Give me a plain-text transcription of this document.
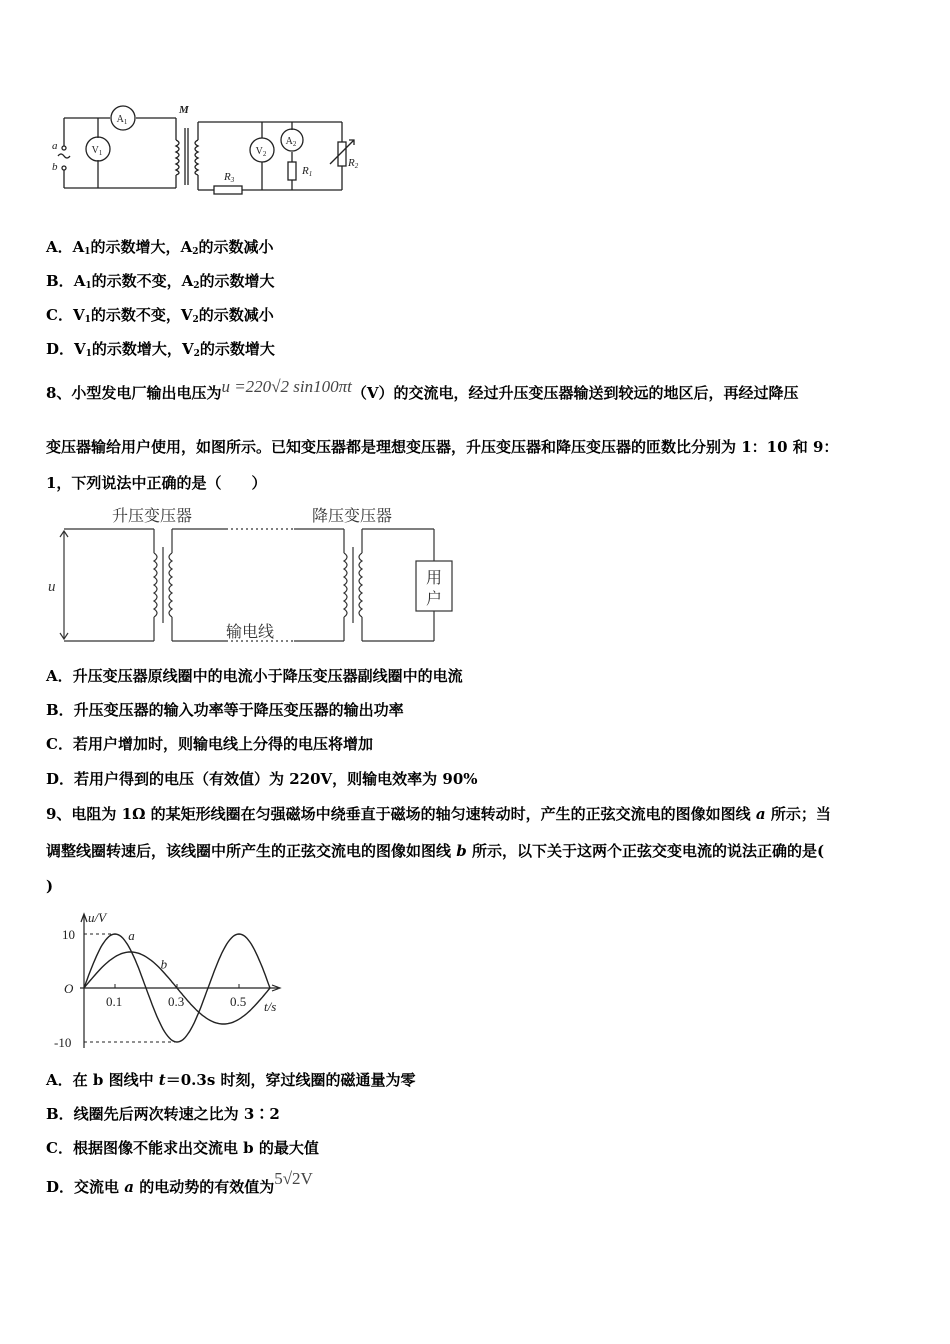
a
b
M
R3
R1
R2
$A_1$
$V_1$	$V_2$
$A_2$
A．$A_1$的示数增大，$A_2$的示数减小
B．$A_1$的示数不变，$A_2$的示数增大
C．$V_1$的示数不变，$V_2$的示数减小
D．$V_1$的示数增大，$V_2$的示数增大
8、小型发电厂输出电压为u =220√2 sin100πt（V）的交流电，经过升压变压器输送到较远的地区后，再经过降压
变压器输给用户使用，如图所示。已知变压器都是理想变压器，升压变压器和降压变压器的匝数比分别为 1：10 和 9：
1，下列说法中正确的是（　　）
升压变压器	降压变压器
输电线
用
户
u
A．升压变压器原线圈中的电流小于降压变压器副线圈中的电流
B．升压变压器的输入功率等于降压变压器的输出功率
C．若用户增加时，则输电线上分得的电压将增加
D．若用户得到的电压（有效值）为 220V，则输电效率为 90%
9、电阻为 1Ω 的某矩形线圈在匀强磁场中绕垂直于磁场的轴匀速转动时，产生的正弦交流电的图像如图线 a 所示；当
调整线圈转速后，该线圈中所产生的正弦交流电的图像如图线 b 所示，以下关于这两个正弦交变电流的说法正确的是(
)
u/V
t/s
10
-10
O
0.1	0.3	0.5
a
b
A．在 b 图线中 t＝0.3s 时刻，穿过线圈的磁通量为零
B．线圈先后两次转速之比为 3∶2
C．根据图像不能求出交流电 b 的最大值
D．交流电 a 的电动势的有效值为5√2V
